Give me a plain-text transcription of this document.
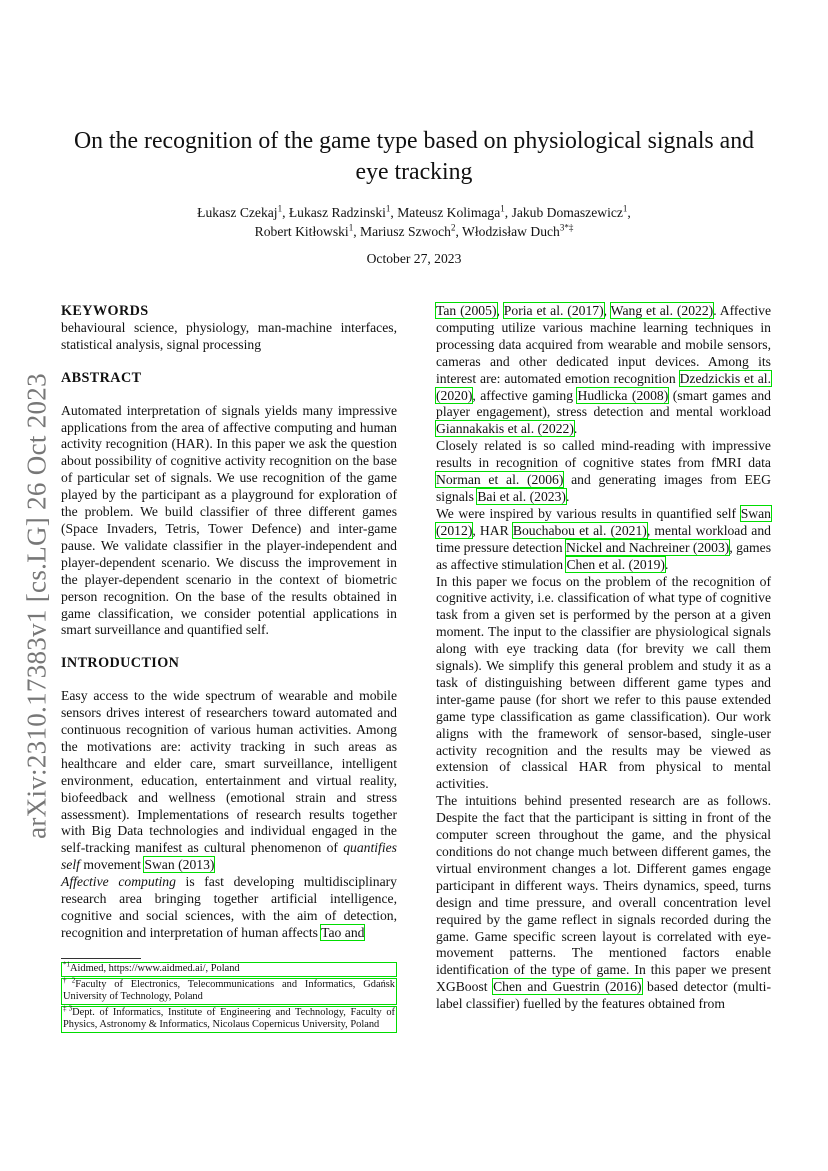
arXiv:2310.17383v1 [cs.LG] 26 Oct 2023
On the recognition of the game type based on physiological signals and eye tracking
Łukasz Czekaj$^1$, Łukasz Radzinski$^1$, Mateusz Kolimaga$^1$, Jakub Domaszewicz$^1$,
Robert Kitłowski$^1$, Mariusz Szwoch$^2$, Włodzisław Duch$^{3*\ddagger}$
October 27, 2023

KEYWORDS

behavioural science, physiology, man-machine interfaces, statistical analysis, signal processing

ABSTRACT

Automated interpretation of signals yields many impressive applications from the area of affective computing and human activity recognition (HAR). In this paper we ask the question about possibility of cognitive activity recognition on the base of particular set of signals. We use recognition of the game played by the participant as a playground for exploration of the problem. We build classifier of three different games (Space Invaders, Tetris, Tower Defence) and inter-game pause. We validate classifier in the player-independent and player-dependent scenario. We discuss the improvement in the player-dependent scenario in the context of biometric person recognition. On the base of the results obtained in game classification, we consider potential applications in smart surveillance and quantified self.

INTRODUCTION

Easy access to the wide spectrum of wearable and mobile sensors drives interest of researchers toward automated and continuous recognition of various human activities. Among the motivations are: activity tracking in such areas as healthcare and elder care, smart surveillance, intelligent environment, education, entertainment and virtual reality, biofeedback and wellness (emotional strain and stress assessment). Implementations of research results together with Big Data technologies and individual engaged in the self-tracking manifest as cultural phenomenon of quantifies self movement Swan (2013)

Affective computing is fast developing multidisciplinary research area bringing together artificial intelligence, cognitive and social sciences, with the aim of detection, recognition and interpretation of human affects Tao and

$^{*1}$Aidmed, https://www.aidmed.ai/, Poland
$^{\dagger 2}$Faculty of Electronics, Telecommunications and Informatics, Gdańsk University of Technology, Poland
$^{\ddagger 3}$Dept. of Informatics, Institute of Engineering and Technology, Faculty of Physics, Astronomy & Informatics, Nicolaus Copernicus University, Poland

Tan (2005), Poria et al. (2017), Wang et al. (2022). Affective computing utilize various machine learning techniques in processing data acquired from wearable and mobile sensors, cameras and other dedicated input devices. Among its interest are: automated emotion recognition Dzedzickis et al. (2020), affective gaming Hudlicka (2008) (smart games and player engagement), stress detection and mental workload Giannakakis et al. (2022).

Closely related is so called mind-reading with impressive results in recognition of cognitive states from fMRI data Norman et al. (2006) and generating images from EEG signals Bai et al. (2023).

We were inspired by various results in quantified self Swan (2012), HAR Bouchabou et al. (2021), mental workload and time pressure detection Nickel and Nachreiner (2003), games as affective stimulation Chen et al. (2019).

In this paper we focus on the problem of the recognition of cognitive activity, i.e. classification of what type of cognitive task from a given set is performed by the person at a given moment. The input to the classifier are physiological signals along with eye tracking data (for brevity we call them signals). We simplify this general problem and study it as a task of distinguishing between different game types and inter-game pause (for short we refer to this pause extended game type classification as game classification). Our work aligns with the framework of sensor-based, single-user activity recognition and the results may be viewed as extension of classical HAR from physical to mental activities.

The intuitions behind presented research are as follows. Despite the fact that the participant is sitting in front of the computer screen throughout the game, and the physical conditions do not change much between different games, the virtual environment changes a lot. Different games engage participant in different ways. Theirs dynamics, speed, turns design and time pressure, and overall concentration level required by the game reflect in signals recorded during the game. Game specific screen layout is correlated with eye-movement patterns. The mentioned factors enable identification of the type of game. In this paper we present XGBoost Chen and Guestrin (2016) based detector (multi-label classifier) fuelled by the features obtained from
